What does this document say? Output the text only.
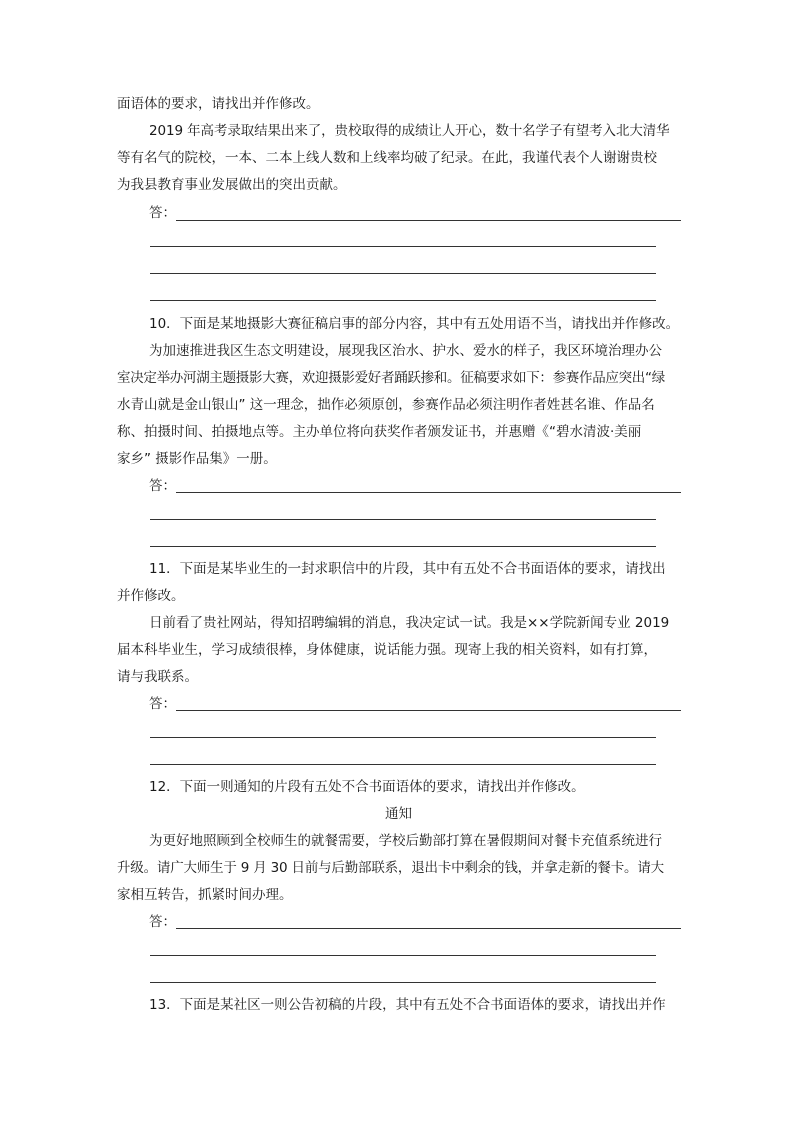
面语体的要求，请找出并作修改。
2019 年高考录取结果出来了，贵校取得的成绩让人开心，数十名学子有望考入北大清华
等有名气的院校，一本、二本上线人数和上线率均破了纪录。在此，我谨代表个人谢谢贵校
为我县教育事业发展做出的突出贡献。
答：
10．下面是某地摄影大赛征稿启事的部分内容，其中有五处用语不当，请找出并作修改。
为加速推进我区生态文明建设，展现我区治水、护水、爱水的样子，我区环境治理办公
室决定举办河湖主题摄影大赛，欢迎摄影爱好者踊跃掺和。征稿要求如下：参赛作品应突出“绿
水青山就是金山银山” 这一理念，拙作必须原创，参赛作品必须注明作者姓甚名谁、作品名
称、拍摄时间、拍摄地点等。主办单位将向获奖作者颁发证书，并惠赠《“碧水清波·美丽
家乡” 摄影作品集》一册。
答：
11．下面是某毕业生的一封求职信中的片段，其中有五处不合书面语体的要求，请找出
并作修改。
日前看了贵社网站，得知招聘编辑的消息，我决定试一试。我是××学院新闻专业 2019
届本科毕业生，学习成绩很棒，身体健康，说话能力强。现寄上我的相关资料，如有打算，
请与我联系。
答：
12．下面一则通知的片段有五处不合书面语体的要求，请找出并作修改。
通知
为更好地照顾到全校师生的就餐需要，学校后勤部打算在暑假期间对餐卡充值系统进行
升级。请广大师生于 9 月 30 日前与后勤部联系，退出卡中剩余的钱，并拿走新的餐卡。请大
家相互转告，抓紧时间办理。
答：
13．下面是某社区一则公告初稿的片段，其中有五处不合书面语体的要求，请找出并作
